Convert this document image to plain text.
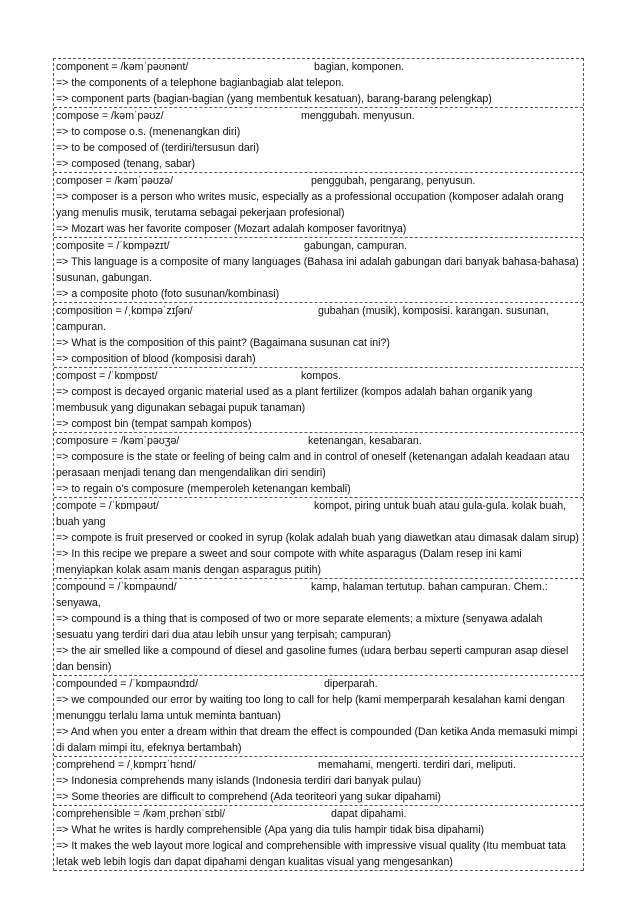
component = /kəmˈpəʊnənt/	bagian, komponen.
=> the components of a telephone bagianbagiab alat telepon.
=> component parts (bagian-bagian (yang membentuk kesatuan), barang-barang pelengkap)
compose = /kəmˈpəʊz/	menggubah. menyusun.
=> to compose o.s. (menenangkan diri)
=> to be composed of (terdiri/tersusun dari)
=> composed (tenang, sabar)
composer = /kəmˈpəʊzə/	penggubah, pengarang, penyusun.
=> composer is a person who writes music, especially as a professional occupation (komposer adalah orang yang menulis musik, terutama sebagai pekerjaan profesional)
=> Mozart was her favorite composer (Mozart adalah komposer favoritnya)
composite = /ˈkɒmpəzɪt/	gabungan, campuran.
=> This language is a composite of many languages (Bahasa ini adalah gabungan dari banyak bahasa-bahasa) susunan, gabungan.
=> a composite photo (foto susunan/kombinasi)
composition = /ˌkɒmpəˈzɪʃən/	gubahan (musik), komposisi. karangan. susunan,
campuran.
=> What is the composition of this paint? (Bagaimana susunan cat ini?)
=> composition of blood (komposisi darah)
compost = /ˈkɒmpɒst/	kompos.
=> compost is decayed organic material used as a plant fertilizer (kompos adalah bahan organik yang membusuk yang digunakan sebagai pupuk tanaman)
=> compost bin (tempat sampah kompos)
composure = /kəmˈpəʊʒə/	ketenangan, kesabaran.
=> composure is the state or feeling of being calm and in control of oneself (ketenangan adalah keadaan atau perasaan menjadi tenang dan mengendalikan diri sendiri)
=> to regain o's composure (memperoleh ketenangan kembali)
compote = /ˈkɒmpəʊt/	kompot, piring untuk buah atau gula-gula. kolak buah,
buah yang
=> compote is fruit preserved or cooked in syrup (kolak adalah buah yang diawetkan atau dimasak dalam sirup)
=> In this recipe we prepare a sweet and sour compote with white asparagus (Dalam resep ini kami menyiapkan kolak asam manis dengan asparagus putih)
compound = /ˈkɒmpaʊnd/	kamp, halaman tertutup. bahan campuran. Chem.:
senyawa,
=> compound is a thing that is composed of two or more separate elements; a mixture (senyawa adalah sesuatu yang terdiri dari dua atau lebih unsur yang terpisah; campuran)
=> the air smelled like a compound of diesel and gasoline fumes (udara berbau seperti campuran asap diesel dan bensin)
compounded = /ˈkɒmpaʊndɪd/	diperparah.
=> we compounded our error by waiting too long to call for help (kami memperparah kesalahan kami dengan menunggu terlalu lama untuk meminta bantuan)
=> And when you enter a dream within that dream the effect is compounded (Dan ketika Anda memasuki mimpi di dalam mimpi itu, efeknya bertambah)
comprehend = /ˌkɒmprɪˈhɛnd/	memahami, mengerti. terdiri dari, meliputi.
=> Indonesia comprehends many islands (Indonesia terdiri dari banyak pulau)
=> Some theories are difficult to comprehend (Ada teoriteori yang sukar dipahami)
comprehensible = /kəmˌprɛhənˈsɪbl/	dapat dipahami.
=> What he writes is hardly comprehensible (Apa yang dia tulis hampir tidak bisa dipahami)
=> It makes the web layout more logical and comprehensible with impressive visual quality (Itu membuat tata letak web lebih logis dan dapat dipahami dengan kualitas visual yang mengesankan)
